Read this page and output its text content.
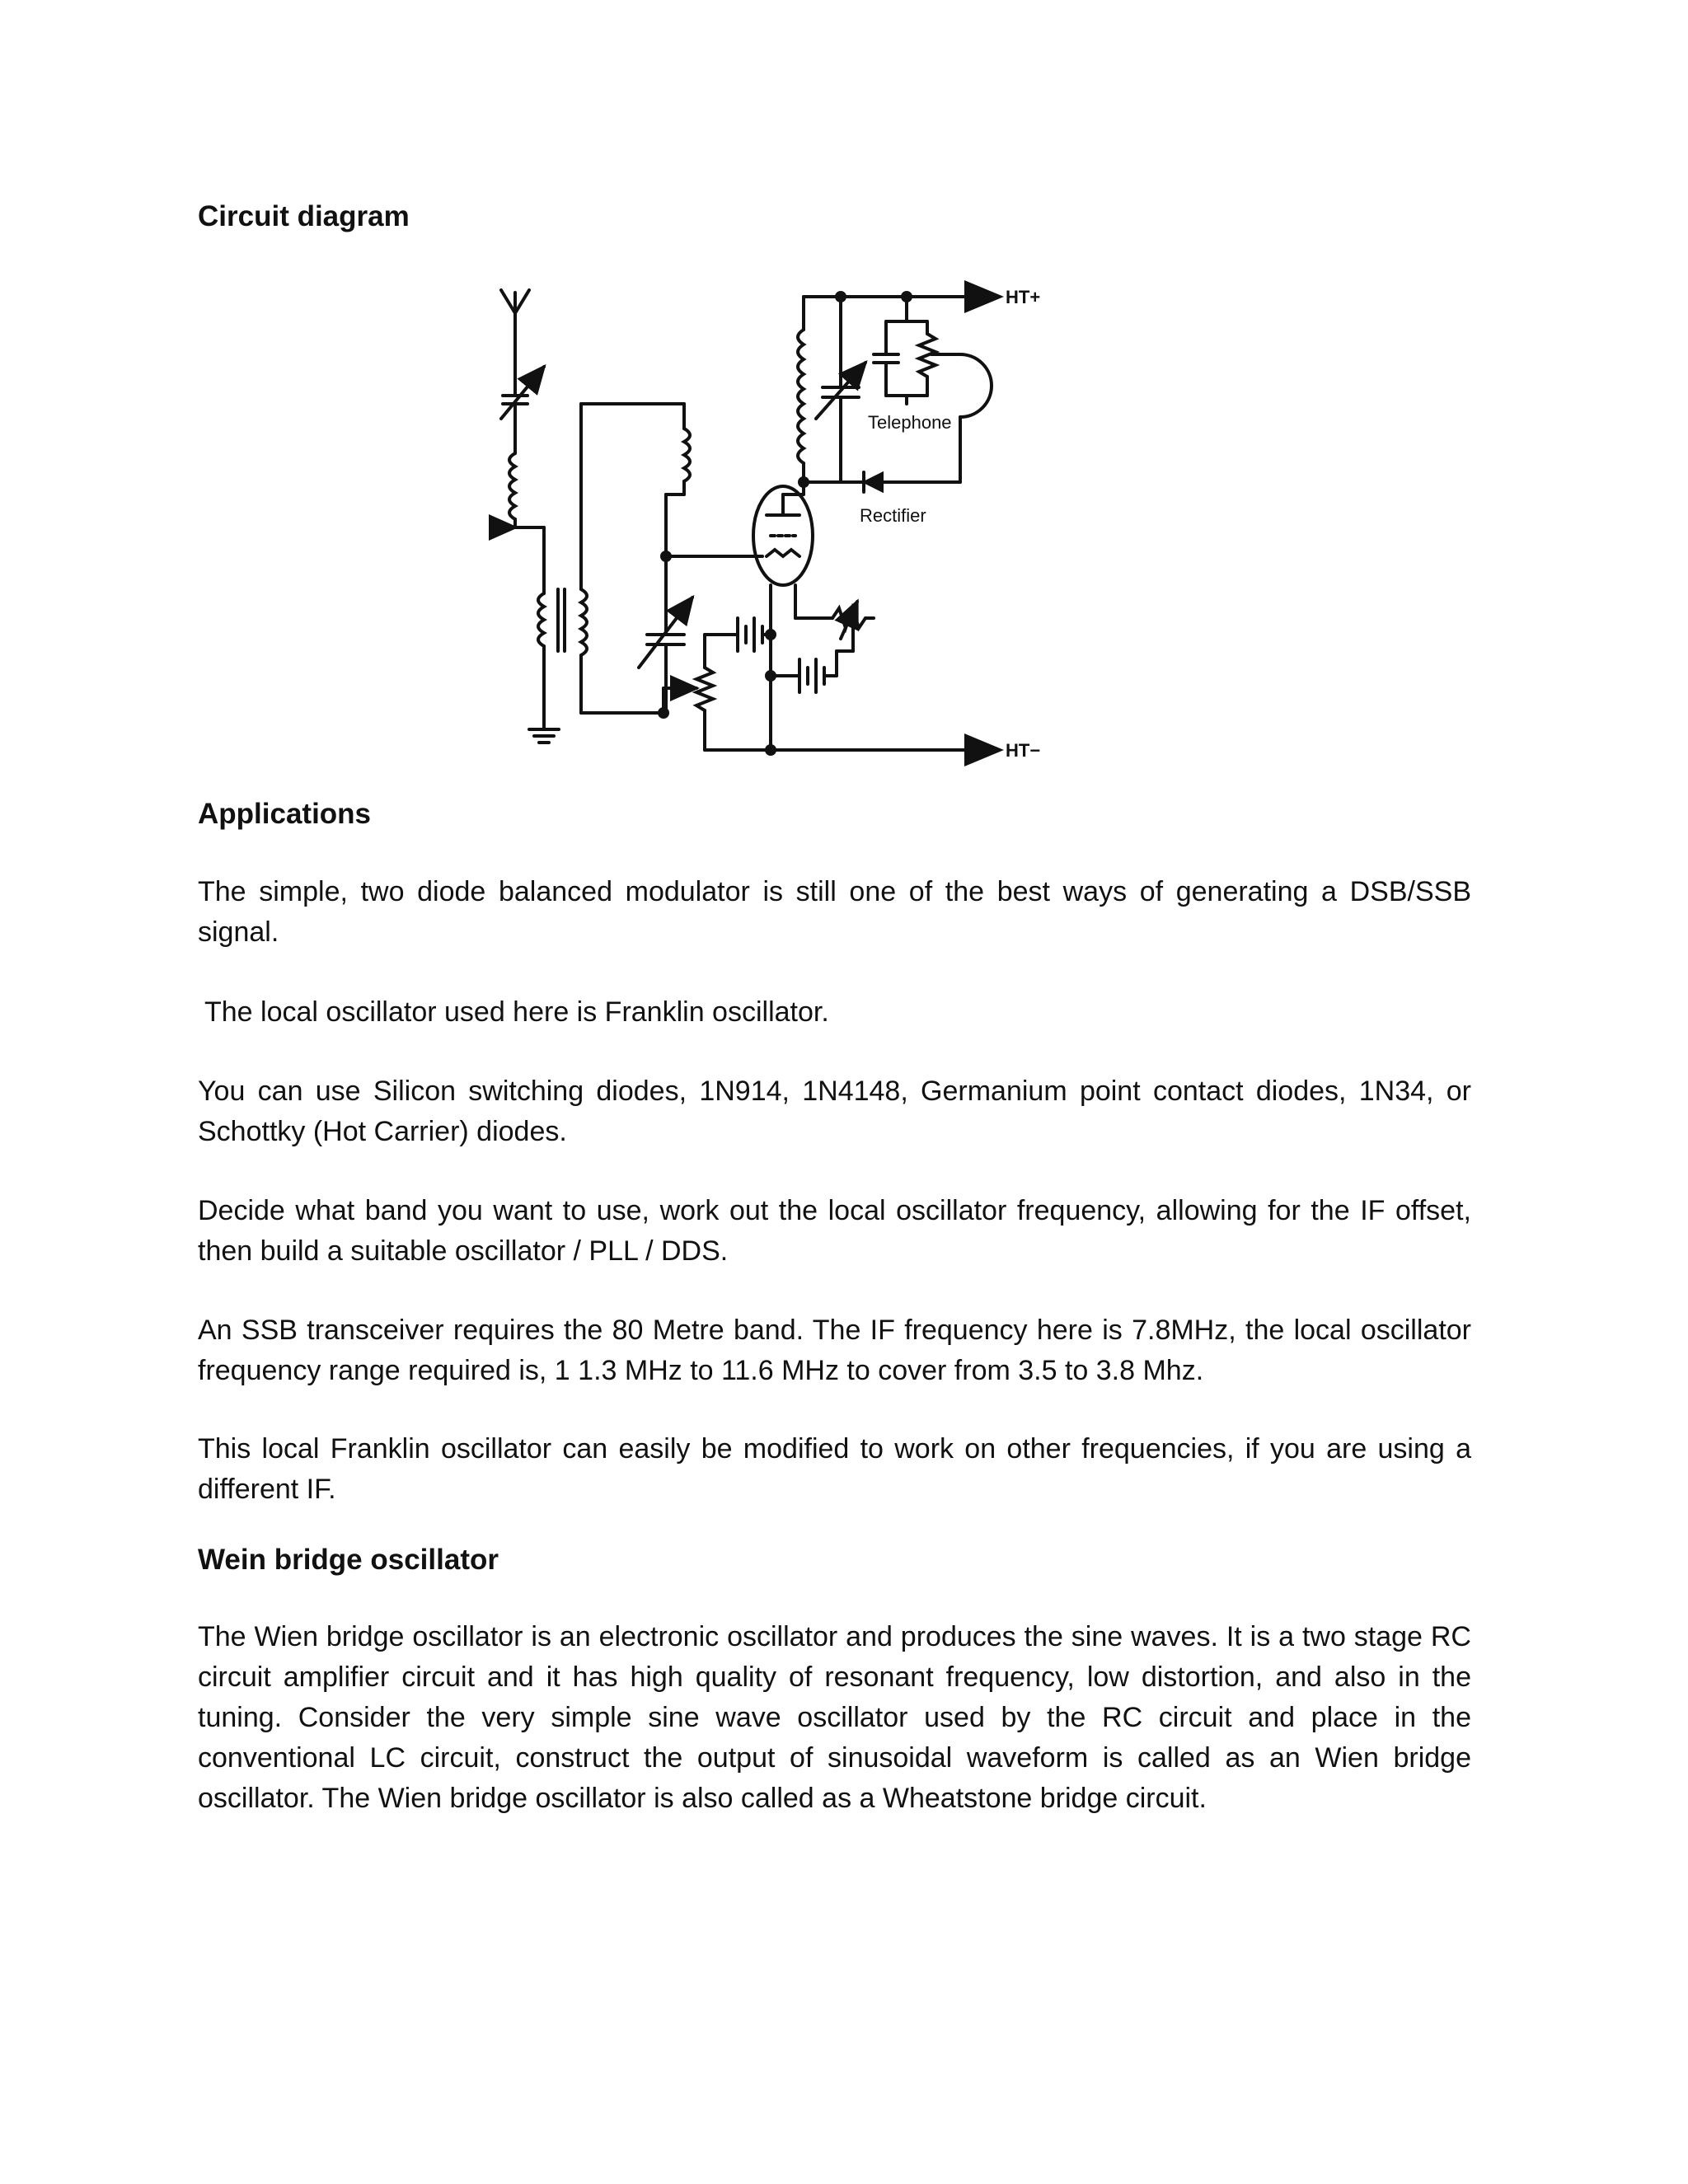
Circuit diagram
HT+
HT−
Telephone
Rectifier
Applications

The simple, two diode balanced modulator is still one of the best ways of generating a DSB/SSB signal.

The local oscillator used here is Franklin oscillator.

You can use Silicon switching diodes, 1N914, 1N4148, Germanium point contact diodes, 1N34, or Schottky (Hot Carrier) diodes.

Decide what band you want to use, work out the local oscillator frequency, allowing for the IF offset, then build a suitable oscillator / PLL / DDS.

An SSB transceiver requires the 80 Metre band. The IF frequency here is 7.8MHz, the local oscillator frequency range required is, 1 1.3 MHz to 11.6 MHz to cover from 3.5 to 3.8 Mhz.

This local Franklin oscillator can easily be modified to work on other frequencies, if you are using a different IF.

Wein bridge oscillator

The Wien bridge oscillator is an electronic oscillator and produces the sine waves. It is a two stage RC circuit amplifier circuit and it has high quality of resonant frequency, low distortion, and also in the tuning. Consider the very simple sine wave oscillator used by the RC circuit and place in the conventional LC circuit, construct the output of sinusoidal waveform is called as an Wien bridge oscillator. The Wien bridge oscillator is also called as a Wheatstone bridge circuit.
